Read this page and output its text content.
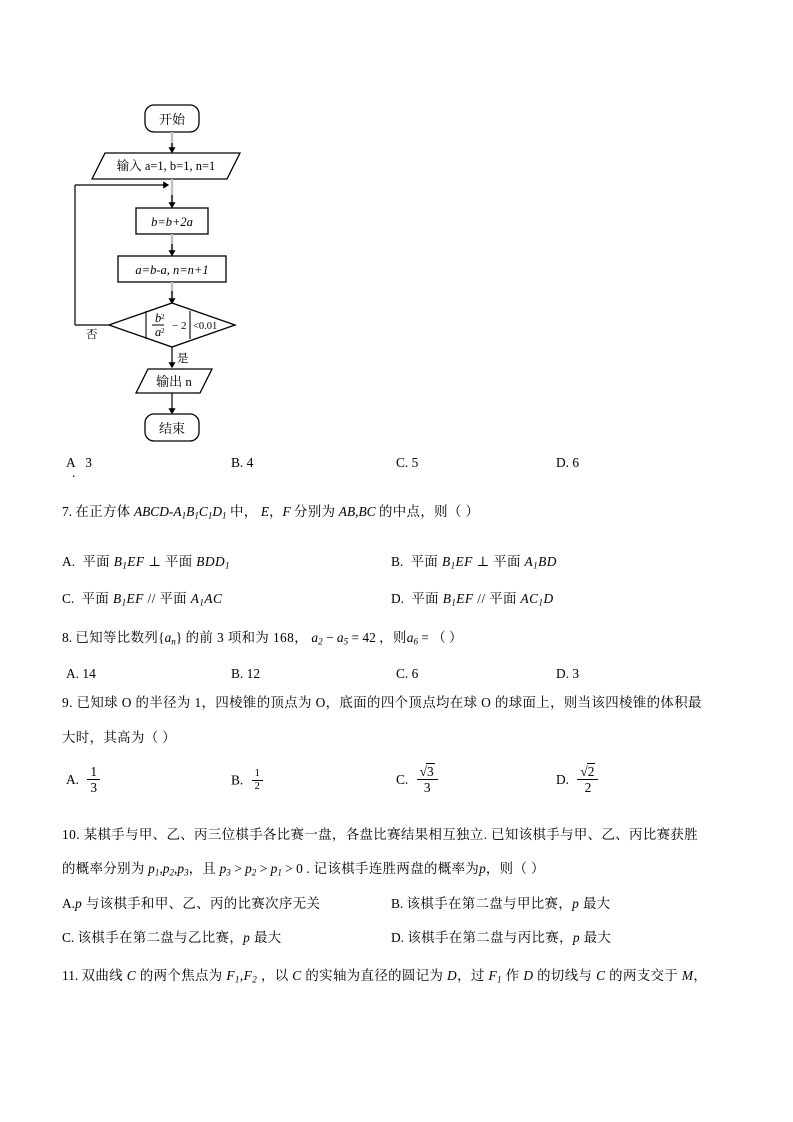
开始
输入 a=1, b=1, n=1
b=b+2a
a=b-a, n=n+1
b 2
a 2 − 2 <0.01
否
是
输出 n
结束
A 3
.
B. 4	C. 5	D. 6
7. 在正方体 ABCD-$A_1B_1C_1D_1$ 中， E，F 分别为 AB,BC 的中点，则（ ）
A. 平面 $B_1EF$ ⊥ 平面 $BDD_1$	B. 平面 $B_1EF$ ⊥ 平面 $A_1BD$
C. 平面 $B_1EF$ // 平面 $A_1AC$	D. 平面 $B_1EF$ // 平面 $AC_1D$
8. 已知等比数列$\{a_n\}$ 的前 3 项和为 168， $a_2 - a_5 = 42$ ，则$a_6$ = （ ）
A. 14	B. 12	C. 6	D. 3
9. 已知球 O 的半径为 1，四棱锥的顶点为 O，底面的四个顶点均在球 O 的球面上，则当该四棱锥的体积最
大时，其高为（ ）
A. $\frac{1}{3}$	B. $\frac{1}{2}$	C. $\frac{√3}{3}$	D. $\frac{√2}{2}$
10. 某棋手与甲、乙、丙三位棋手各比赛一盘，各盘比赛结果相互独立. 已知该棋手与甲、乙、丙比赛获胜
的概率分别为 $p_1,p_2,p_3$，且 $p_3 > p_2 > p_1 > 0$ . 记该棋手连胜两盘的概率为p，则（ ）
A.p 与该棋手和甲、乙、丙的比赛次序无关	B. 该棋手在第二盘与甲比赛，p 最大
C. 该棋手在第二盘与乙比赛，p 最大	D. 该棋手在第二盘与丙比赛，p 最大
11. 双曲线 C 的两个焦点为 $F_1,F_2$ ，以 C 的实轴为直径的圆记为 D，过 $F_1$ 作 D 的切线与 C 的两支交于 M，
